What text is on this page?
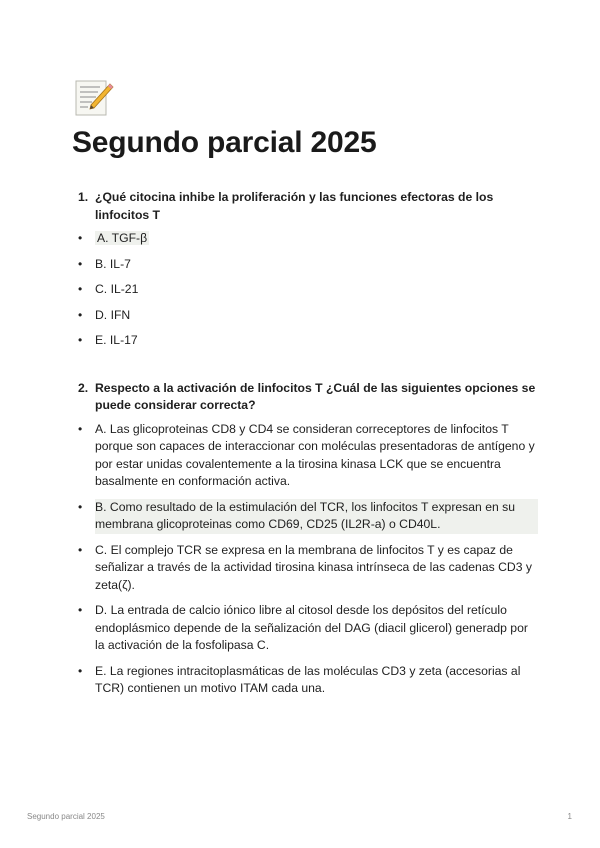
Segundo parcial 2025
1. ¿Qué citocina inhibe la proliferación y las funciones efectoras de los linfocitos T
•	A. TGF-β
•	B. IL-7
•	C. IL-21
•	D. IFN
•	E. IL-17
2. Respecto a la activación de linfocitos T ¿Cuál de las siguientes opciones se puede considerar correcta?
•	A. Las glicoproteinas CD8 y CD4 se consideran correceptores de linfocitos T porque son capaces de interaccionar con moléculas presentadoras de antígeno y por estar unidas covalentemente a la tirosina kinasa LCK que se encuentra basalmente en conformación activa.
•	B. Como resultado de la estimulación del TCR, los linfocitos T expresan en su membrana glicoproteinas como CD69, CD25 (IL2R-a) o CD40L.
•	C. El complejo TCR se expresa en la membrana de linfocitos T y es capaz de señalizar a través de la actividad tirosina kinasa intrínseca de las cadenas CD3 y zeta(ζ).
•	D. La entrada de calcio iónico libre al citosol desde los depósitos del retículo endoplásmico depende de la señalización del DAG (diacil glicerol) generadp por la activación de la fosfolipasa C.
•	E. La regiones intracitoplasmáticas de las moléculas CD3 y zeta (accesorias al TCR) contienen un motivo ITAM cada una.
Segundo parcial 2025	1
